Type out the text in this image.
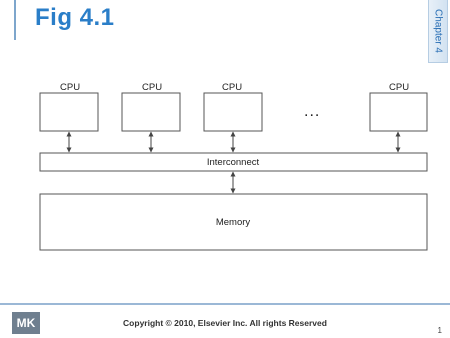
Fig 4.1	Chapter 4
CPU	CPU	CPU	CPU
...
Interconnect
Memory
MK	Copyright © 2010, Elsevier Inc. All rights Reserved
1
